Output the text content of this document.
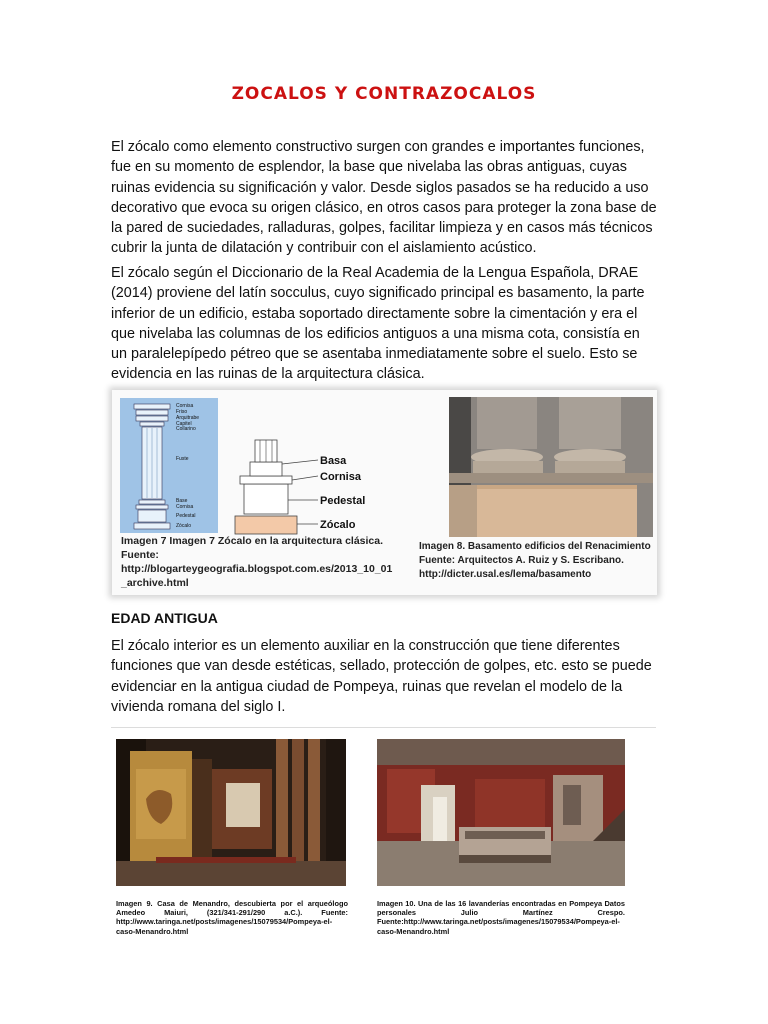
ZOCALOS Y CONTRAZOCALOS

El zócalo como elemento constructivo surgen con grandes e importantes funciones, fue en su momento de esplendor, la base que nivelaba las obras antiguas, cuyas ruinas evidencia su significación y valor. Desde siglos pasados se ha reducido a uso decorativo que evoca su origen clásico, en otros casos para proteger la zona base de la pared de suciedades, ralladuras, golpes, facilitar limpieza y en casos más técnicos cubrir la junta de dilatación y contribuir con el aislamiento acústico.

El zócalo según el Diccionario de la Real Academia de la Lengua Española, DRAE (2014) proviene del latín socculus, cuyo significado principal es basamento, la parte inferior de un edificio, estaba soportado directamente sobre la cimentación y era el que nivelaba las columnas de los edificios antiguos a una misma cota, consistía en un paralelepípedo pétreo que se asentaba inmediatamente sobre el suelo. Esto se evidencia en las ruinas de la arquitectura clásica.

Cornisa
Friso
Arquitrabe
Capitel
Collarino
Fuste
Base
Cornisa
Pedestal
Zócalo
Basa
Cornisa
Pedestal
Zócalo
Imagen 7 Imagen 7 Zócalo en la arquitectura clásica.
Fuente:
http://blogarteygeografia.blogspot.com.es/2013_10_01
_archive.html
Imagen 8. Basamento edificios del Renacimiento
Fuente: Arquitectos A. Ruiz y S. Escribano.
http://dicter.usal.es/lema/basamento
EDAD ANTIGUA

El zócalo interior es un elemento auxiliar en la construcción que tiene diferentes funciones que van desde estéticas, sellado, protección de golpes, etc. esto se puede evidenciar en la antigua ciudad de Pompeya, ruinas que revelan el modelo de la vivienda romana del siglo I.

Imagen 9. Casa de Menandro, descubierta por el arqueólogo Amedeo Maiuri, (321/341-291/290 a.C.). Fuente: http://www.taringa.net/posts/imagenes/15079534/Pompeya-el-caso-Menandro.html
Imagen 10. Una de las 16 lavanderías encontradas en Pompeya Datos personales Julio Martínez Crespo. Fuente:http://www.taringa.net/posts/imagenes/15079534/Pompeya-el-caso-Menandro.html
